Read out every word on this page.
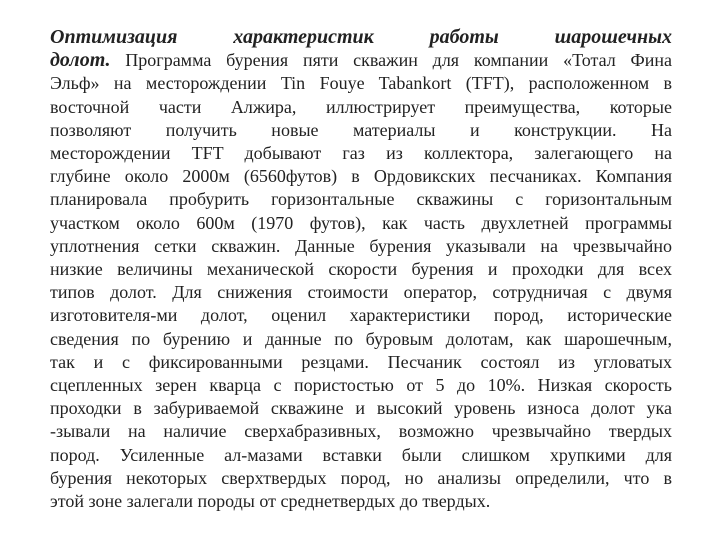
Оптимизация характеристик работы шарошечных
долот. Программа бурения пяти скважин для компании «Тотал Фина
Эльф» на месторождении Tin Fouye Tabankort (TFT), расположенном в
восточной части Алжира, иллюстрирует преимущества, которые
позволяют получить новые материалы и конструкции. На
месторождении TFT добывают газ из коллектора, залегающего на
глубине около 2000м (6560футов) в Ордовикских песчаниках. Компания
планировала пробурить горизонтальные скважины с горизонтальным
участком около 600м (1970 футов), как часть двухлетней программы
уплотнения сетки скважин. Данные бурения указывали на чрезвычайно
низкие величины механической скорости бурения и проходки для всех
типов долот. Для снижения стоимости оператор, сотрудничая с двумя
изготовителя-ми долот, оценил характеристики пород, исторические
сведения по бурению и данные по буровым долотам, как шарошечным,
так и с фиксированными резцами. Песчаник состоял из угловатых
сцепленных зерен кварца с пористостью от 5 до 10%. Низкая скорость
проходки в забуриваемой скважине и высокий уровень износа долот ука
-зывали на наличие сверхабразивных, возможно чрезвычайно твердых
пород. Усиленные ал-мазами вставки были слишком хрупкими для
бурения некоторых сверхтвердых пород, но анализы определили, что в
этой зоне залегали породы от среднетвердых до твердых.
